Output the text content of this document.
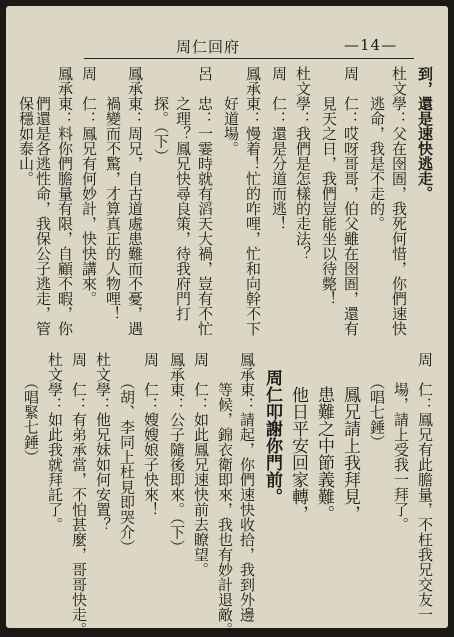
周仁回府	—14—
到，還是速快逃走。
杜文學：父在囹圄，我死何惜，你們速快
　　逃命，我是不走的。
周　仁：哎呀哥哥，伯父雖在囹圄，還有
　　見天之日，我們豈能坐以待斃！
杜文學：我們是怎樣的走法？
周　仁：還是分道而逃！
鳳承東：慢着！忙的咋哩，忙和向幹不下
　　好道場。
呂　忠：一霎時就有滔天大禍，豈有不忙
　　之理？鳳兄快尋良策，待我府門打
　　探。（下）
鳳承東：周兄，自古道處患難而不憂，遇
　　禍變而不驚，才算真正的人物哩！
周　仁：鳳兄有何妙計，快快講來。
鳳承東：料你們膽量有限，自顧不暇，你
　　們還是各逃性命，我保公子逃走，管
　　保穩如泰山。
周　仁：鳳兄有此膽量，不枉我兄交友一
　　場，請上受我一拜了。
　　（唱七錘）
　　鳳兄請上我拜見，
　　患難之中節義難。
　　他日平安回家轉，
　周仁叩謝你門前。
鳳承東：請起，你們速快收拾，我到外邊
　　等候，錦衣衛即來，我也有妙計退敵。
周　仁：如此鳳兄速快前去瞭望。
鳳承東：公子隨後即來。（下）
周　仁：嫂嫂娘子快來！
　　（胡、李同上杜見即哭介）
杜文學：他兄妹如何安置？
周　仁：有弟承當，不怕甚麼，哥哥快走。
杜文學：如此我就拜託了。
　　（唱緊七錘）
